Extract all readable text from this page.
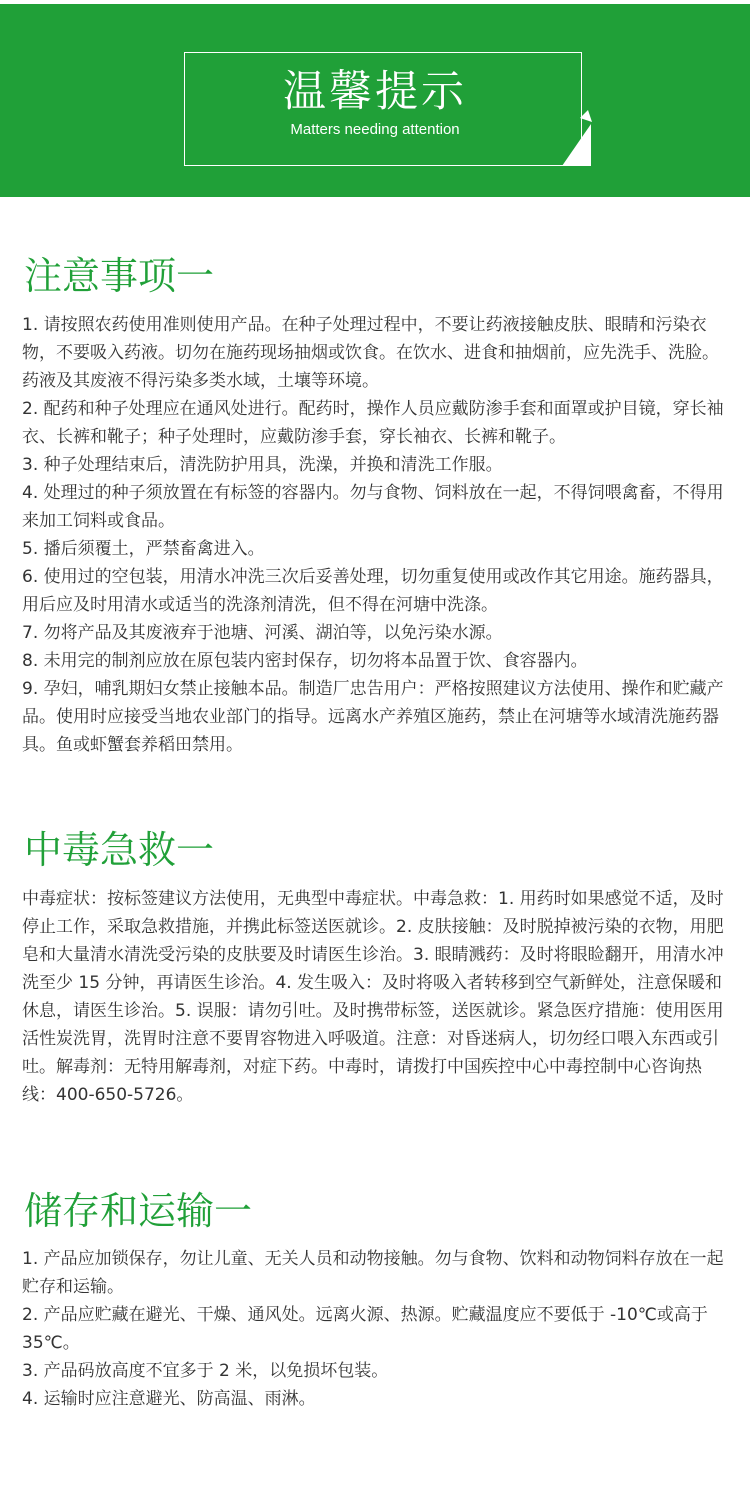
温馨提示
Matters needing attention
注意事项一

1. 请按照农药使用准则使用产品。在种子处理过程中，不要让药液接触皮肤、眼睛和污染衣物，不要吸入药液。切勿在施药现场抽烟或饮食。在饮水、进食和抽烟前，应先洗手、洗脸。药液及其废液不得污染多类水域，土壤等环境。

2. 配药和种子处理应在通风处进行。配药时，操作人员应戴防渗手套和面罩或护目镜，穿长袖衣、长裤和靴子；种子处理时，应戴防渗手套，穿长袖衣、长裤和靴子。

3. 种子处理结束后，清洗防护用具，洗澡，并换和清洗工作服。

4. 处理过的种子须放置在有标签的容器内。勿与食物、饲料放在一起，不得饲喂禽畜，不得用来加工饲料或食品。

5. 播后须覆土，严禁畜禽进入。

6. 使用过的空包装，用清水冲洗三次后妥善处理，切勿重复使用或改作其它用途。施药器具，用后应及时用清水或适当的洗涤剂清洗，但不得在河塘中洗涤。

7. 勿将产品及其废液弃于池塘、河溪、湖泊等，以免污染水源。

8. 未用完的制剂应放在原包装内密封保存，切勿将本品置于饮、食容器内。

9. 孕妇，哺乳期妇女禁止接触本品。制造厂忠告用户：严格按照建议方法使用、操作和贮藏产品。使用时应接受当地农业部门的指导。远离水产养殖区施药，禁止在河塘等水域清洗施药器具。鱼或虾蟹套养稻田禁用。

中毒急救一

中毒症状：按标签建议方法使用，无典型中毒症状。中毒急救：1. 用药时如果感觉不适，及时停止工作，采取急救措施，并携此标签送医就诊。2. 皮肤接触：及时脱掉被污染的衣物，用肥皂和大量清水清洗受污染的皮肤要及时请医生诊治。3. 眼睛溅药：及时将眼睑翻开，用清水冲洗至少 15 分钟，再请医生诊治。4. 发生吸入：及时将吸入者转移到空气新鲜处，注意保暖和休息，请医生诊治。5. 误服：请勿引吐。及时携带标签，送医就诊。紧急医疗措施：使用医用活性炭洗胃，洗胃时注意不要胃容物进入呼吸道。注意：对昏迷病人，切勿经口喂入东西或引吐。解毒剂：无特用解毒剂，对症下药。中毒时，请拨打中国疾控中心中毒控制中心咨询热线：400-650-5726。

储存和运输一

1. 产品应加锁保存，勿让儿童、无关人员和动物接触。勿与食物、饮料和动物饲料存放在一起贮存和运输。

2. 产品应贮藏在避光、干燥、通风处。远离火源、热源。贮藏温度应不要低于 -10℃或高于 35℃。

3. 产品码放高度不宜多于 2 米，以免损坏包装。

4. 运输时应注意避光、防高温、雨淋。
